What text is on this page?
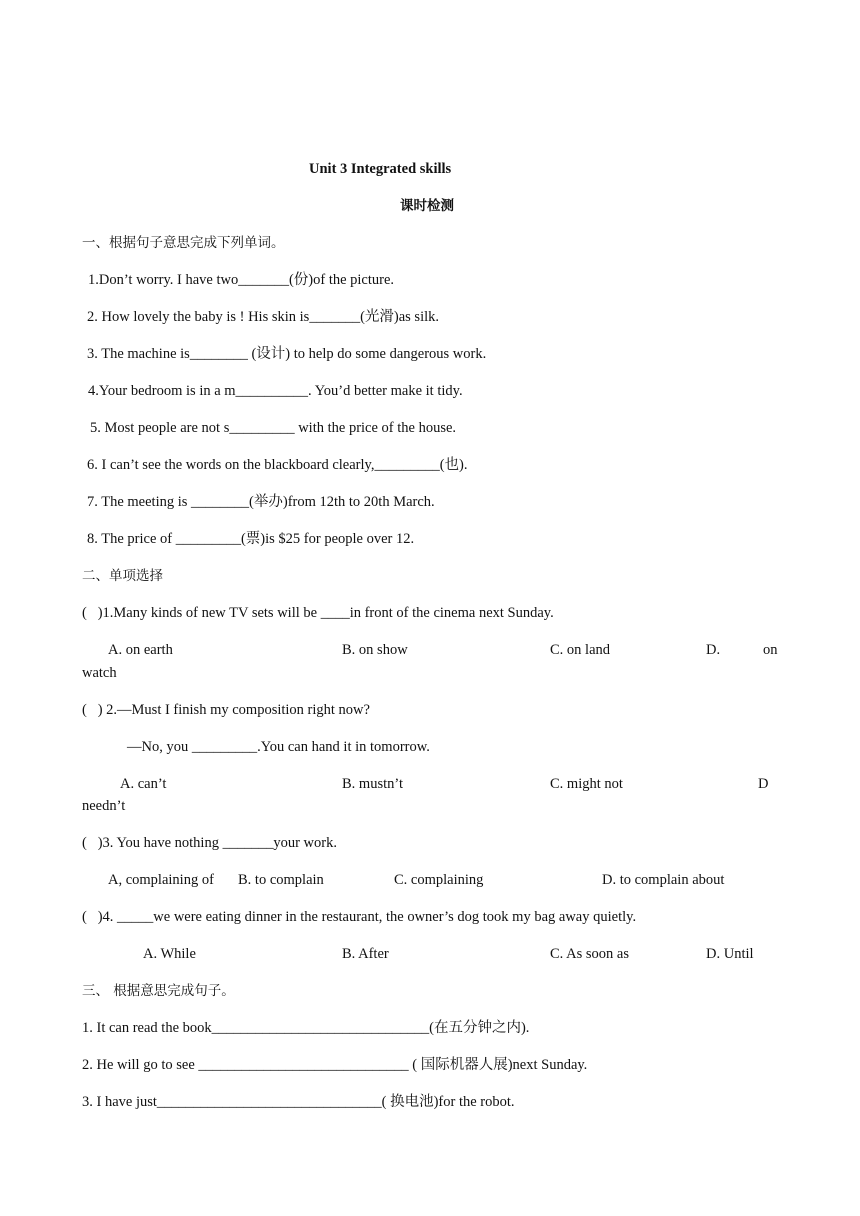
Unit 3 Integrated skills
课时检测
一、根据句子意思完成下列单词。
1.Don’t worry. I have two_______(份)of the picture.
2. How lovely the baby is ! His skin is_______(光滑)as silk.
3. The machine is________ (设计) to help do some dangerous work.
4.Your bedroom is in a m__________. You’d better make it tidy.
5. Most people are not s_________ with the price of the house.
6. I can’t see the words on the blackboard clearly,_________(也).
7. The meeting is ________(举办)from 12th to 20th March.
8. The price of _________(票)is $25 for people over 12.
二、单项选择
(   )1.Many kinds of new TV sets will be ____in front of the cinema next Sunday.
A. on earth	B. on show	C. on land	D.	on
watch
(   ) 2.—Must I finish my composition right now?
—No, you _________.You can hand it in tomorrow.
A. can’t	B. mustn’t	C. might not	D
needn’t
(   )3. You have nothing _______your work.
A, complaining of B. to complain	C. complaining	D. to complain about
(   )4. _____we were eating dinner in the restaurant, the owner’s dog took my bag away quietly.
A. While	B. After	C. As soon as	D. Until
三、 根据意思完成句子。
1. It can read the book______________________________(在五分钟之内).
2. He will go to see _____________________________ ( 国际机器人展)next Sunday.
3. I have just_______________________________( 换电池)for the robot.
